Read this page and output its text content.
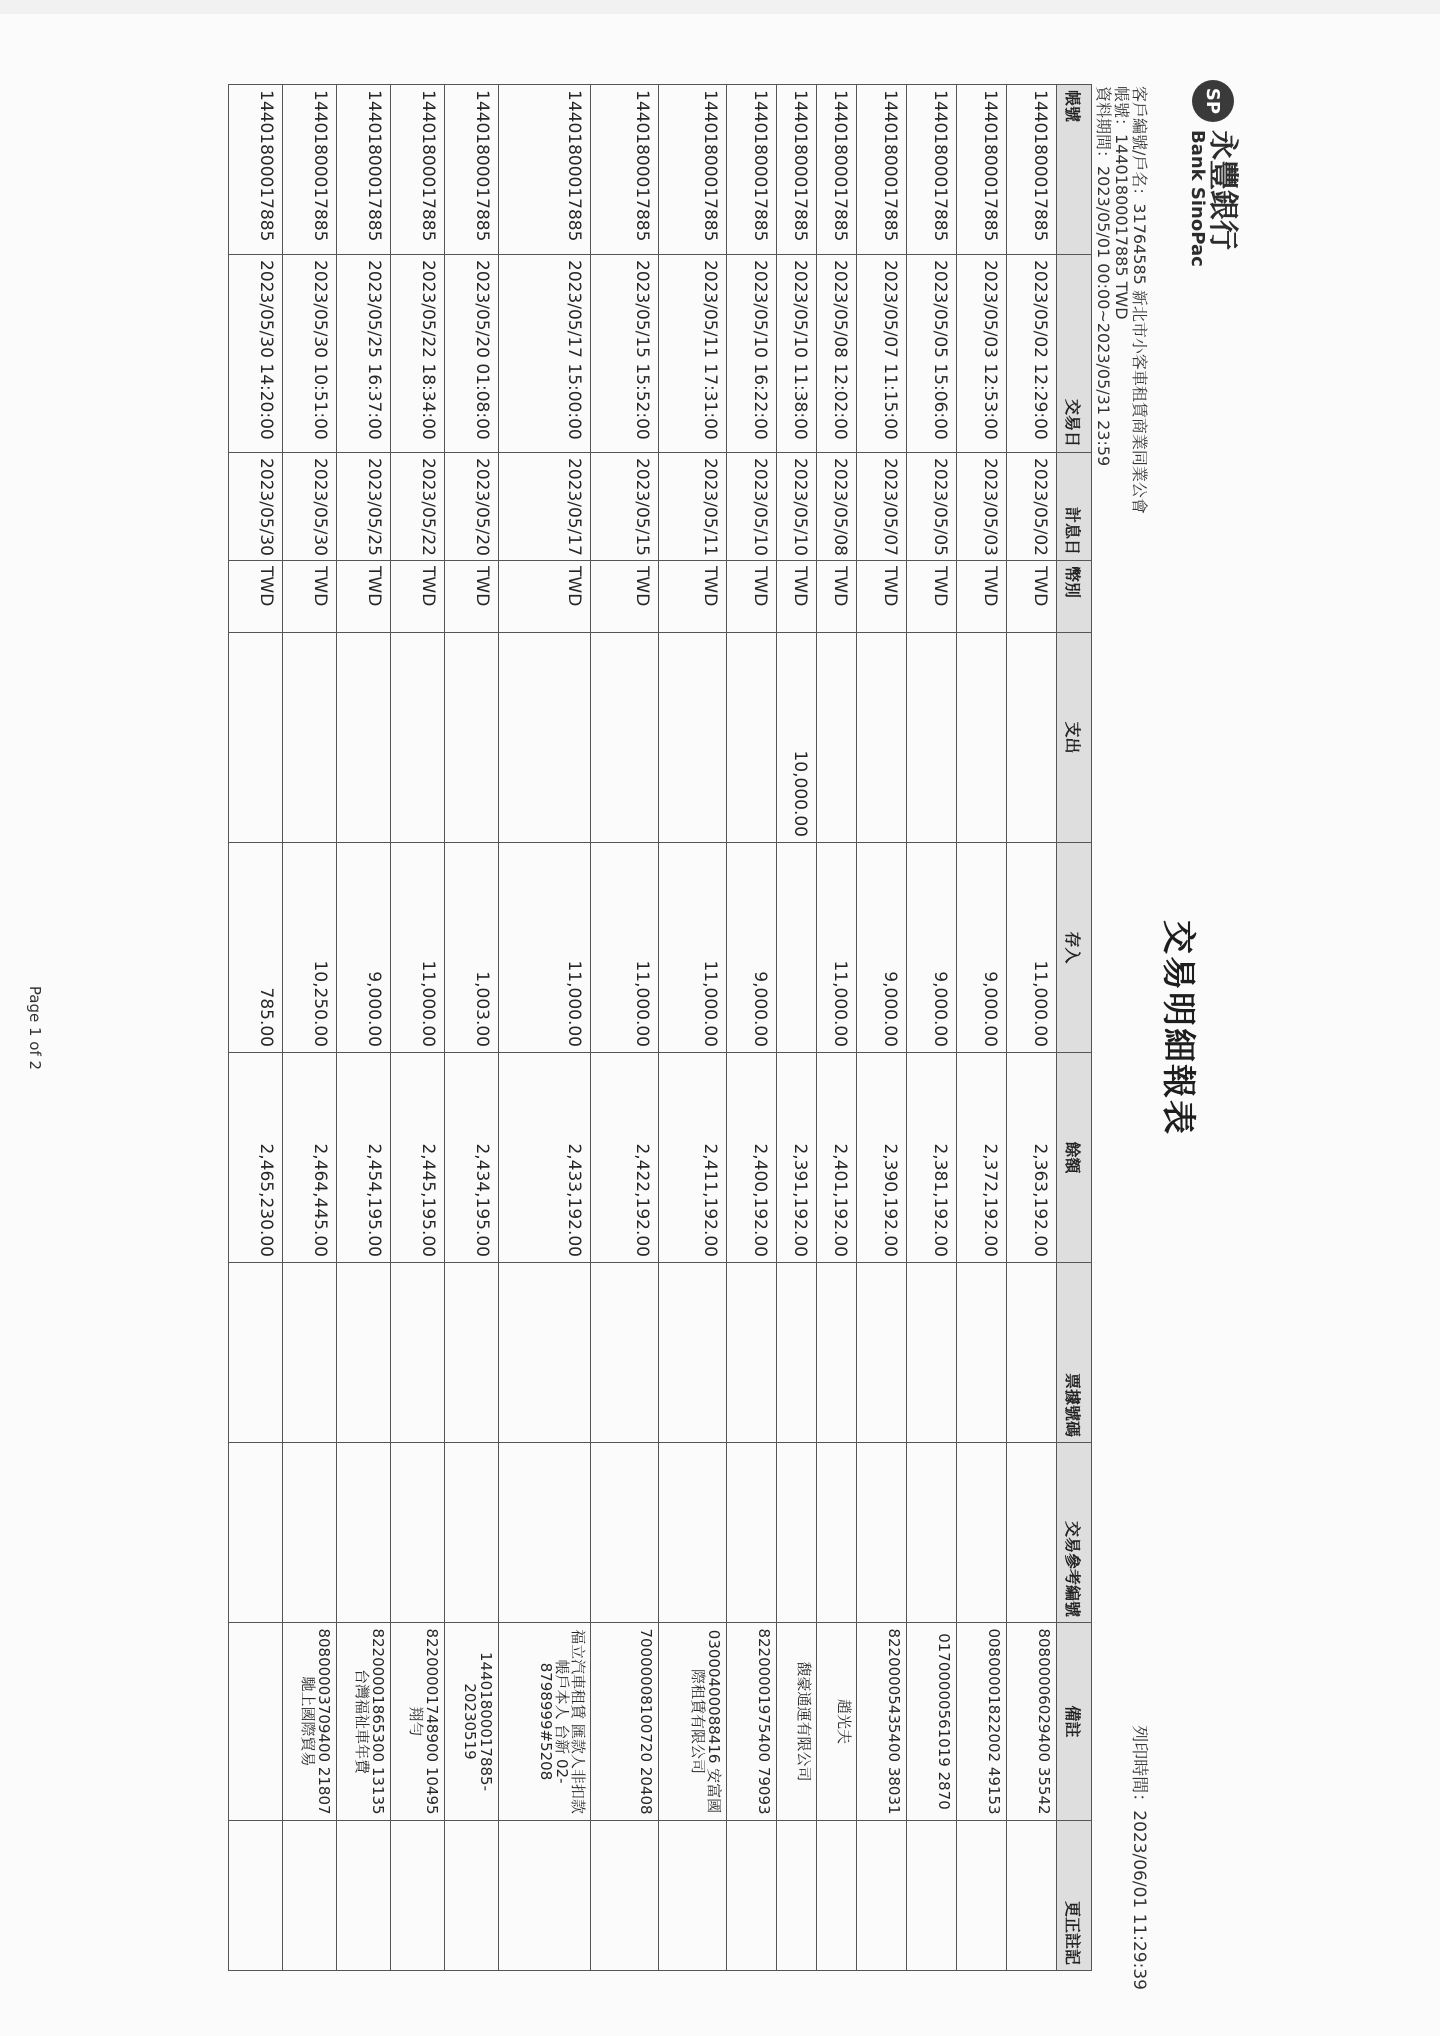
SP
永豐銀行
Bank SinoPac
交易明細報表
列印時間：2023/06/01 11:29:39
客戶編號/戶名：31764585 新北市小客車租賃商業同業公會
帳號：14401800017885 TWD
資料期間：2023/05/01 00:00~2023/05/31 23:59
帳號	交易日	計息日	幣別	支出	存入	餘額	票據號碼	交易參考編號	備註	更正註記
14401800017885	2023/05/02 12:29:00	2023/05/02	TWD		11,000.00	2,363,192.00			80800006029400 35542	
14401800017885	2023/05/03 12:53:00	2023/05/03	TWD		9,000.00	2,372,192.00			00800001822002 49153	
14401800017885	2023/05/05 15:06:00	2023/05/05	TWD		9,000.00	2,381,192.00			01700000561019 2870	
14401800017885	2023/05/07 11:15:00	2023/05/07	TWD		9,000.00	2,390,192.00			82200005435400 38031	
14401800017885	2023/05/08 12:02:00	2023/05/08	TWD		11,000.00	2,401,192.00			趙光夫	
14401800017885	2023/05/10 11:38:00	2023/05/10	TWD	10,000.00		2,391,192.00			馥豪通運有限公司	
14401800017885	2023/05/10 16:22:00	2023/05/10	TWD		9,000.00	2,400,192.00			82200001975400 79093	
14401800017885	2023/05/11 17:31:00	2023/05/11	TWD		11,000.00	2,411,192.00			03000400088416 安富國際租賃有限公司	
14401800017885	2023/05/15 15:52:00	2023/05/15	TWD		11,000.00	2,422,192.00			70000008100720 20408	
14401800017885	2023/05/17 15:00:00	2023/05/17	TWD		11,000.00	2,433,192.00			福立汽車租賃 匯款人非扣款帳戶本人 台新 02-8798999#5208	
14401800017885	2023/05/20 01:08:00	2023/05/20	TWD		1,003.00	2,434,195.00			14401800017885-20230519	
14401800017885	2023/05/22 18:34:00	2023/05/22	TWD		11,000.00	2,445,195.00			82200001748900 10495 翔勻	
14401800017885	2023/05/25 16:37:00	2023/05/25	TWD		9,000.00	2,454,195.00			82200001865300 13135 台灣福祉車年費	
14401800017885	2023/05/30 10:51:00	2023/05/30	TWD		10,250.00	2,464,445.00			80800003709400 21807 馳上國際貿易	
14401800017885	2023/05/30 14:20:00	2023/05/30	TWD		785.00	2,465,230.00				
Page 1 of 2
